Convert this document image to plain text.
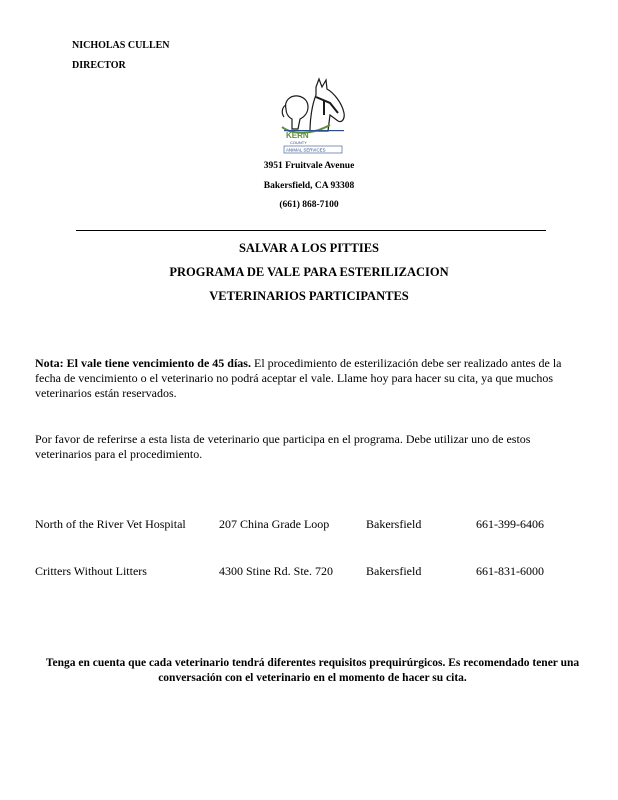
NICHOLAS CULLEN
DIRECTOR
KERN
COUNTY
ANIMAL SERVICES
3951 Fruitvale Avenue
Bakersfield, CA 93308
(661) 868-7100
SALVAR A LOS PITTIES
PROGRAMA DE VALE PARA ESTERILIZACION
VETERINARIOS PARTICIPANTES
Nota: El vale tiene vencimiento de 45 días. El procedimiento de esterilización debe ser realizado antes de la fecha de vencimiento o el veterinario no podrá aceptar el vale. Llame hoy para hacer su cita, ya que muchos veterinarios están reservados.
Por favor de referirse a esta lista de veterinario que participa en el programa. Debe utilizar uno de estos veterinarios para el procedimiento.
North of the River Vet Hospital	207 China Grade Loop	Bakersfield	661-399-6406
Critters Without Litters	4300 Stine Rd. Ste. 720	Bakersfield	661-831-6000
Tenga en cuenta que cada veterinario tendrá diferentes requisitos prequirúrgicos. Es recomendado tener una conversación con el veterinario en el momento de hacer su cita.
